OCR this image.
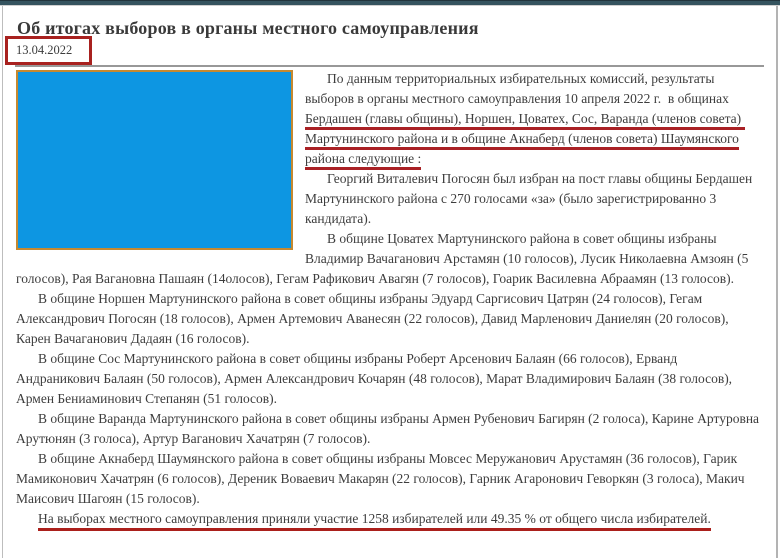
Об итогах выборов в органы местного самоуправления
13.04.2022

По данным территориальных избирательных комиссий, результаты выборов в органы местного самоуправления 10 апреля 2022 г.  в общинах Бердашен (главы общины), Норшен, Цоватех, Сос, Варанда (членов совета)  Мартунинского района и в общине Акнаберд (членов совета) Шаумянского района следующие :

Георгий Виталевич Погосян был избран на пост главы общины Бердашен Мартунинского района с 270 голосами «за» (было зарегистрированно 3 кандидата).

В общине Цоватех Мартунинского района в совет общины избраны Владимир Вачаганович Арстамян (10 голосов), Лусик Николаевна Амзоян (5 голосов), Рая Вагановна Пашаян (14олосов), Гегам Рафикович Авагян (7 голосов), Гоарик Василевна Абраамян (13 голосов).

В общине Норшен Мартунинского района в совет общины избраны Эдуард Саргисович Цатрян (24 голосов), Гегам Александрович Погосян (18 голосов), Армен Артемович Аванесян (22 голосов), Давид Марленович Даниелян (20 голосов), Карен Вачаганович Дадаян (16 голосов).

В общине Сос Мартунинского района в совет общины избраны Роберт Арсенович Балаян (66 голосов), Ерванд Андраникович Балаян (50 голосов), Армен Александрович Кочарян (48 голосов), Марат Владимирович Балаян (38 голосов), Армен Бениаминович Степанян (51 голосов).

В общине Варанда Мартунинского района в совет общины избраны Армен Рубенович Багирян (2 голоса), Карине Артуровна Арутюнян (3 голоса), Артур Ваганович Хачатрян (7 голосов).

В общине Акнаберд Шаумянского района в совет общины избраны Мовсес Меружанович Арустамян (36 голосов), Гарик Мамиконович Хачатрян (6 голосов), Дереник Воваевич Макарян (22 голосов), Гарник Агаронович Геворкян (3 голоса), Макич Маисович Шагоян (15 голосов).

На выборах местного самоуправления приняли участие 1258 избирателей или 49.35 % от общего числа избирателей.
